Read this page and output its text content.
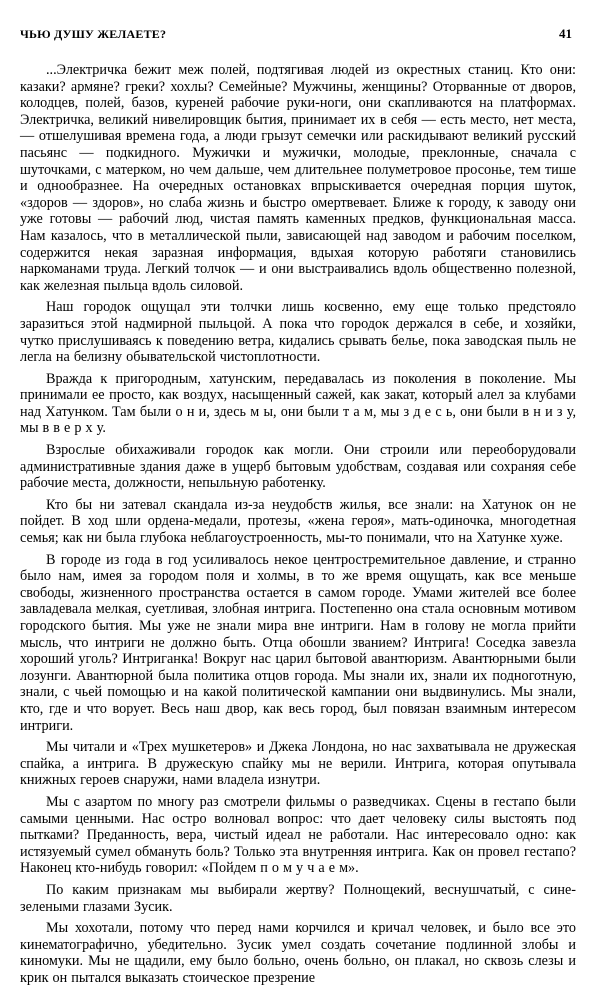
ЧЬЮ ДУШУ ЖЕЛАЕТЕ?	41

...Электричка бежит меж полей, подтягивая людей из окрестных станиц. Кто они: казаки? армяне? греки? хохлы? Семейные? Мужчины, женщины? Оторванные от дворов, колодцев, полей, базов, куреней рабочие руки-ноги, они скапливаются на платформах. Электричка, великий нивелировщик бытия, принимает их в себя — есть место, нет места, — отшелушивая времена года, а люди грызут семечки или раскидывают великий русский пасьянс — подкидного. Мужички и мужички, молодые, преклонные, сначала с шуточками, с матерком, но чем дальше, чем длительнее полуметровое просонье, тем тише и однообразнее. На очередных остановках впрыскивается очередная порция шуток, «здоров — здоров», но слаба жизнь и быстро омертвевает. Ближе к городу, к заводу они уже готовы — рабочий люд, чистая память каменных предков, функциональная масса. Нам казалось, что в металлической пыли, зависающей над заводом и рабочим поселком, содержится некая заразная информация, вдыхая которую работяги становились наркоманами труда. Легкий толчок — и они выстраивались вдоль общественно полезной, как железная пыльца вдоль силовой.

Наш городок ощущал эти толчки лишь косвенно, ему еще только предстояло заразиться этой надмирной пыльцой. А пока что городок держался в себе, и хозяйки, чутко прислушиваясь к поведению ветра, кидались срывать белье, пока заводская пыль не легла на белизну обывательской чистоплотности.

Вражда к пригородным, хатунским, передавалась из поколения в поколение. Мы принимали ее просто, как воздух, насыщенный сажей, как закат, который алел за клубами над Хатунком. Там были о н и, здесь м ы, они были т а м, мы з д е с ь, они были в н и з у, мы в в е р х у.

Взрослые обихаживали городок как могли. Они строили или переоборудовали административные здания даже в ущерб бытовым удобствам, создавая или сохраняя себе рабочие места, должности, непыльную работенку.

Кто бы ни затевал скандала из-за неудобств жилья, все знали: на Хатунок он не пойдет. В ход шли ордена-медали, протезы, «жена героя», мать-одиночка, многодетная семья; как ни была глубока неблагоустроенность, мы-то понимали, что на Хатунке хуже.

В городе из года в год усиливалось некое центростремительное давление, и странно было нам, имея за городом поля и холмы, в то же время ощущать, как все меньше свободы, жизненного пространства остается в самом городе. Умами жителей все более завладевала мелкая, суетливая, злобная интрига. Постепенно она стала основным мотивом городского бытия. Мы уже не знали мира вне интриги. Нам в голову не могла прийти мысль, что интриги не должно быть. Отца обошли званием? Интрига! Соседка завезла хороший уголь? Интриганка! Вокруг нас царил бытовой авантюризм. Авантюрными были лозунги. Авантюрной была политика отцов города. Мы знали их, знали их подноготную, знали, с чьей помощью и на какой политической кампании они выдвинулись. Мы знали, кто, где и что ворует. Весь наш двор, как весь город, был повязан взаимным интересом интриги.

Мы читали и «Трех мушкетеров» и Джека Лондона, но нас захватывала не дружеская спайка, а интрига. В дружескую спайку мы не верили. Интрига, которая опутывала книжных героев снаружи, нами владела изнутри.

Мы с азартом по многу раз смотрели фильмы о разведчиках. Сцены в гестапо были самыми ценными. Нас остро волновал вопрос: что дает человеку силы выстоять под пытками? Преданность, вера, чистый идеал не работали. Нас интересовало одно: как истязуемый сумел обмануть боль? Только эта внутренняя интрига. Как он провел гестапо? Наконец кто-нибудь говорил: «Пойдем п о м у ч а е м».

По каким признакам мы выбирали жертву? Полнощекий, веснушчатый, с сине-зелеными глазами Зусик.

Мы хохотали, потому что перед нами корчился и кричал человек, и было все это кинематографично, убедительно. Зусик умел создать сочетание подлинной злобы и киномуки. Мы не щадили, ему было больно, очень больно, он плакал, но сквозь слезы и крик он пытался выказать стоическое презрение
